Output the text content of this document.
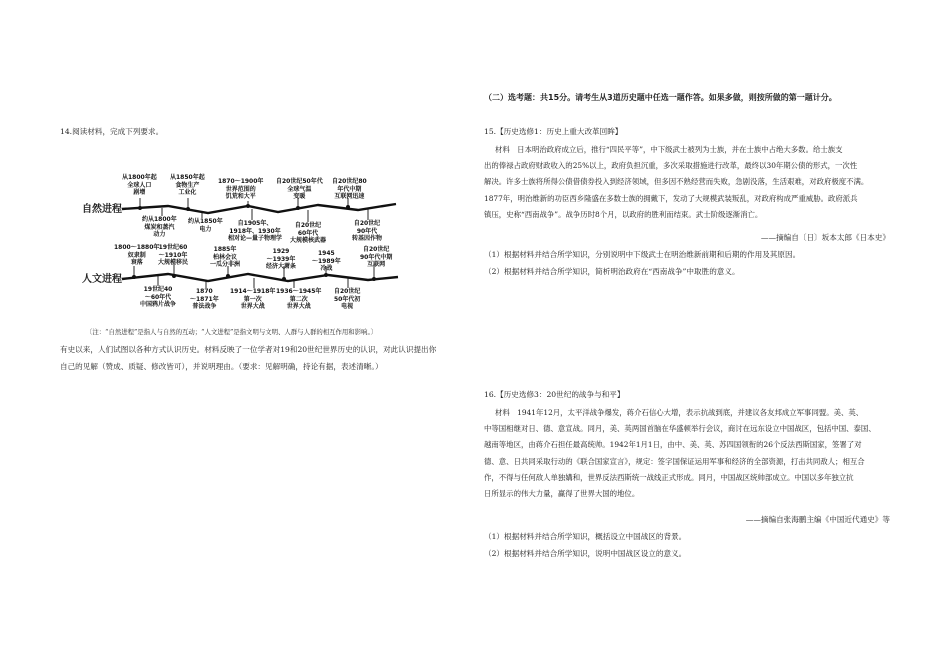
（二）选考题：共15分。请考生从3道历史题中任选一题作答。如果多做，则按所做的第一题计分。
14.阅读材料，完成下列要求。
自然进程
人文进程
从1800年起
全球人口
剧增
约从1800年
煤炭和蒸汽
动力
从1850年起
食物生产
工业化
约从1850年
电力
1870～1900年
世界范围的
饥荒和大平
自1905年、
1918年、1930年
相对论—量子物理学
自20世纪50年代
全球气温
变暖
自20世纪
60年代
大规模核武器
自20世纪80
年代中期
互联网迅速
自20世纪
90年代
转基因作物
1800～1880年
奴隶制
衰落
19世纪40
～60年代
中国鸦片战争
19世纪60
～1910年
大规模移民
1870
～1871年
普法战争
1885年
柏林会议
一瓜分非洲
1914～1918年
第一次
世界大战
1929
～1939年
经济大萧条
1936～1945年
第二次
世界大战
1945
～1989年
冷战
自20世纪
50年代初
电视
自20世纪
90年代中期
互联网
〔注：“自然进程”是指人与自然的互动；“人文进程”是指文明与文明、人群与人群的相互作用和影响。〕
有史以来，人们试图以各种方式认识历史。材料反映了一位学者对19和20世纪世界历史的认识，对此认识提出你
自己的见解（赞成、质疑、修改皆可），并说明理由。（要求：见解明确，持论有据，表述清晰。）
15.【历史选修1：历史上重大改革回眸】
材料　日本明治政府成立后，推行“四民平等”，中下级武士被列为士族，并在士族中占绝大多数。给士族支
出的俸禄占政府财政收入的25%以上，政府负担沉重，多次采取措施进行改革，最终以30年期公债的形式，一次性
解决。许多士族将所得公债借债券投入到经济领域，但多因不熟经营而失败，急剧没落，生活艰难，对政府极度不满。
1877年，明治维新的功臣西乡隆盛在多数士族的拥戴下，发动了大规模武装叛乱，对政府构成严重威胁。政府派兵
镇压，史称“西南战争”。战争历时8个月，以政府的胜利而结束。武士阶级逐渐消亡。
——摘编自〔日〕坂本太郎《日本史》
（1）根据材料并结合所学知识，分别说明中下级武士在明治维新前期和后期的作用及其原因。
（2）根据材料并结合所学知识，简析明治政府在“西南战争”中取胜的意义。
16.【历史选修3：20世纪的战争与和平】
材料　1941年12月，太平洋战争爆发，蒋介石信心大增，表示抗战到底，并建议各友邦成立军事同盟。美、英、
中等国相继对日、德、意宣战。同月，美、英两国首脑在华盛顿举行会议，商讨在远东设立中国战区，包括中国、泰国、
越南等地区，由蒋介石担任最高统帅。1942年1月1日，由中、美、英、苏四国领衔的26个反法西斯国家，签署了对
德、意、日共同采取行动的《联合国家宣言》，规定：签字国保证运用军事和经济的全部资源，打击共同敌人；相互合
作，不得与任何敌人单独媾和，世界反法西斯统一战线正式形成。同月，中国战区统帅部成立。中国以多年独立抗
日所显示的伟大力量，赢得了世界大国的地位。
——摘编自张海鹏主编《中国近代通史》等
（1）根据材料并结合所学知识，概括设立中国战区的背景。
（2）根据材料并结合所学知识，说明中国战区设立的意义。
